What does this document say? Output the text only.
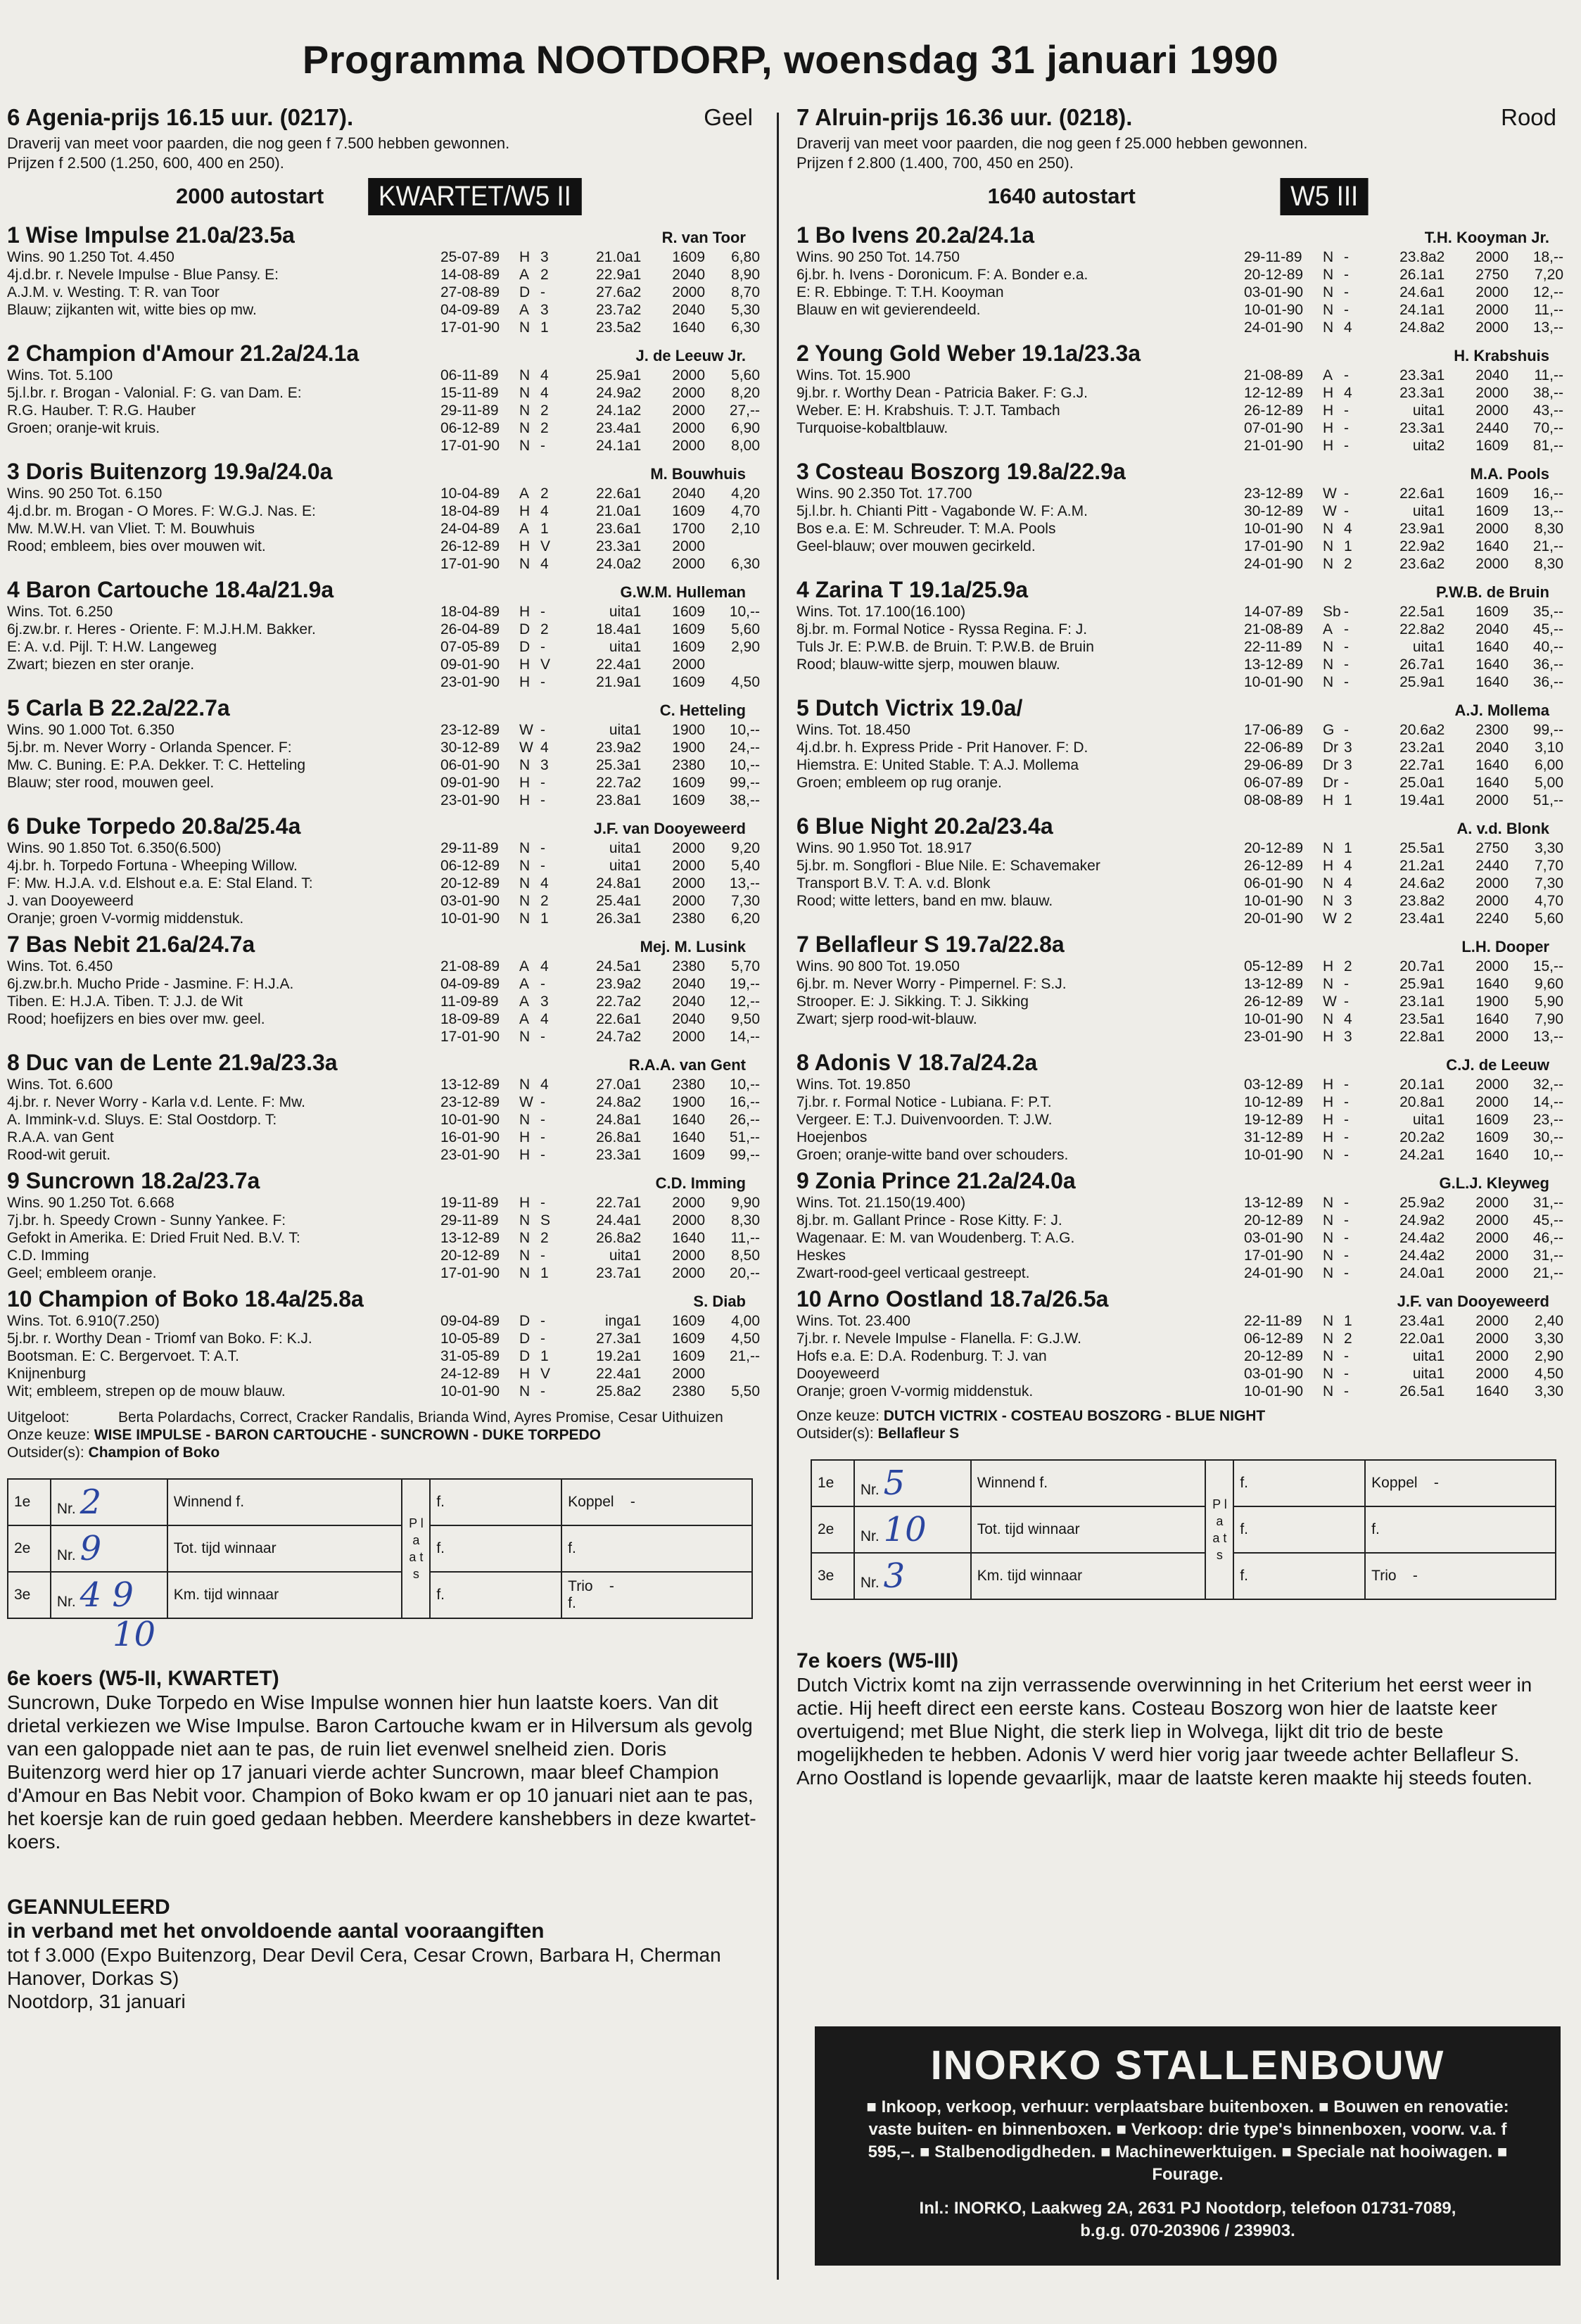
Programma NOOTDORP, woensdag 31 januari 1990
6 Agenia-prijs 16.15 uur. (0217).	Geel
Draverij van meet voor paarden, die nog geen f 7.500 hebben gewonnen.
Prijzen f 2.500 (1.250, 600, 400 en 250).
2000 autostart	KWARTET/W5 II
1 Wise Impulse 21.0a/23.5a	R. van Toor
Wins. 90 1.250 Tot. 4.450
4j.d.br. r. Nevele Impulse - Blue Pansy. E:
A.J.M. v. Westing. T: R. van Toor
Blauw; zijkanten wit, witte bies op mw.
25-07-89	H 3	21.0 a1	1609	6,80
14-08-89	A 2	22.9 a1	2040	8,90
27-08-89	D -	27.6 a2	2000	8,70
04-09-89	A 3	23.7 a2	2040	5,30
17-01-90	N 1	23.5 a2	1640	6,30
2 Champion d'Amour 21.2a/24.1a	J. de Leeuw Jr.
Wins. Tot. 5.100
5j.l.br. r. Brogan - Valonial. F: G. van Dam. E:
R.G. Hauber. T: R.G. Hauber
Groen; oranje-wit kruis.
06-11-89	N 4	25.9 a1	2000	5,60
15-11-89	N 4	24.9 a2	2000	8,20
29-11-89	N 2	24.1 a2	2000	27,--
06-12-89	N 2	23.4 a1	2000	6,90
17-01-90	N -	24.1 a1	2000	8,00
3 Doris Buitenzorg 19.9a/24.0a	M. Bouwhuis
Wins. 90 250 Tot. 6.150
4j.d.br. m. Brogan - O Mores. F: W.G.J. Nas. E:
Mw. M.W.H. van Vliet. T: M. Bouwhuis
Rood; embleem, bies over mouwen wit.
10-04-89	A 2	22.6 a1	2040	4,20
18-04-89	H 4	21.0 a1	1609	4,70
24-04-89	A 1	23.6 a1	1700	2,10
26-12-89	H V	23.3 a1	2000
17-01-90	N 4	24.0 a2	2000	6,30
4 Baron Cartouche 18.4a/21.9a	G.W.M. Hulleman
Wins. Tot. 6.250
6j.zw.br. r. Heres - Oriente. F: M.J.H.M. Bakker.
E: A. v.d. Pijl. T: H.W. Langeweg
Zwart; biezen en ster oranje.
18-04-89	H -	uit a1	1609	10,--
26-04-89	D 2	18.4 a1	1609	5,60
07-05-89	D -	uit a1	1609	2,90
09-01-90	H V	22.4 a1	2000
23-01-90	H -	21.9 a1	1609	4,50
5 Carla B 22.2a/22.7a	C. Hetteling
Wins. 90 1.000 Tot. 6.350
5j.br. m. Never Worry - Orlanda Spencer. F:
Mw. C. Buning. E: P.A. Dekker. T: C. Hetteling
Blauw; ster rood, mouwen geel.
23-12-89	W -	uit a1	1900	10,--
30-12-89	W 4	23.9 a2	1900	24,--
06-01-90	N 3	25.3 a1	2380	10,--
09-01-90	H -	22.7 a2	1609	99,--
23-01-90	H -	23.8 a1	1609	38,--
6 Duke Torpedo 20.8a/25.4a	J.F. van Dooyeweerd
Wins. 90 1.850 Tot. 6.350(6.500)
4j.br. h. Torpedo Fortuna - Wheeping Willow.
F: Mw. H.J.A. v.d. Elshout e.a. E: Stal Eland. T:
J. van Dooyeweerd
Oranje; groen V-vormig middenstuk.
29-11-89	N -	uit a1	2000	9,20
06-12-89	N -	uit a1	2000	5,40
20-12-89	N 4	24.8 a1	2000	13,--
03-01-90	N 2	25.4 a1	2000	7,30
10-01-90	N 1	26.3 a1	2380	6,20
7 Bas Nebit 21.6a/24.7a	Mej. M. Lusink
Wins. Tot. 6.450
6j.zw.br.h. Mucho Pride - Jasmine. F: H.J.A.
Tiben. E: H.J.A. Tiben. T: J.J. de Wit
Rood; hoefijzers en bies over mw. geel.
21-08-89	A 4	24.5 a1	2380	5,70
04-09-89	A -	23.9 a2	2040	19,--
11-09-89	A 3	22.7 a2	2040	12,--
18-09-89	A 4	22.6 a1	2040	9,50
17-01-90	N -	24.7 a2	2000	14,--
8 Duc van de Lente 21.9a/23.3a	R.A.A. van Gent
Wins. Tot. 6.600
4j.br. r. Never Worry - Karla v.d. Lente. F: Mw.
A. Immink-v.d. Sluys. E: Stal Oostdorp. T:
R.A.A. van Gent
Rood-wit geruit.
13-12-89	N 4	27.0 a1	2380	10,--
23-12-89	W -	24.8 a2	1900	16,--
10-01-90	N -	24.8 a1	1640	26,--
16-01-90	H -	26.8 a1	1640	51,--
23-01-90	H -	23.3 a1	1609	99,--
9 Suncrown 18.2a/23.7a	C.D. Imming
Wins. 90 1.250 Tot. 6.668
7j.br. h. Speedy Crown - Sunny Yankee. F:
Gefokt in Amerika. E: Dried Fruit Ned. B.V. T:
C.D. Imming
Geel; embleem oranje.
19-11-89	H -	22.7 a1	2000	9,90
29-11-89	N S	24.4 a1	2000	8,30
13-12-89	N 2	26.8 a2	1640	11,--
20-12-89	N -	uit a1	2000	8,50
17-01-90	N 1	23.7 a1	2000	20,--
10 Champion of Boko 18.4a/25.8a	S. Diab
Wins. Tot. 6.910(7.250)
5j.br. r. Worthy Dean - Triomf van Boko. F: K.J.
Bootsman. E: C. Bergervoet. T: A.T.
Knijnenburg
Wit; embleem, strepen op de mouw blauw.
09-04-89	D -	ing a1	1609	4,00
10-05-89	D -	27.3 a1	1609	4,50
31-05-89	D 1	19.2 a1	1609	21,--
24-12-89	H V	22.4 a1	2000
10-01-90	N -	25.8 a2	2380	5,50
Uitgeloot:	Berta Polardachs, Correct, Cracker Randalis, Brianda Wind, Ayres Promise, Cesar Uithuizen
Onze keuze: WISE IMPULSE - BARON CARTOUCHE - SUNCROWN - DUKE TORPEDO
Outsider(s): Champion of Boko
1e	Nr. 2	Winnend f.	P l a a t s	f.	Koppel -
2e	Nr. 9	Tot. tijd winnaar		f.	f.
3e	Nr. 4 9	Km. tijd winnaar		f.	Trio -
f.
10
6e koers (W5-II, KWARTET)
Suncrown, Duke Torpedo en Wise Impulse wonnen hier hun laatste koers. Van dit drietal verkiezen we Wise Impulse. Baron Cartouche kwam er in Hilversum als gevolg van een galoppade niet aan te pas, de ruin liet evenwel snelheid zien. Doris Buitenzorg werd hier op 17 januari vierde achter Suncrown, maar bleef Champion d'Amour en Bas Nebit voor. Champion of Boko kwam er op 10 januari niet aan te pas, het koersje kan de ruin goed gedaan hebben. Meerdere kanshebbers in deze kwartet-koers.
GEANNULEERD
in verband met het onvoldoende aantal vooraangiften
tot f 3.000 (Expo Buitenzorg, Dear Devil Cera, Cesar Crown, Barbara H, Cherman Hanover, Dorkas S)
Nootdorp, 31 januari
7 Alruin-prijs 16.36 uur. (0218).	Rood
Draverij van meet voor paarden, die nog geen f 25.000 hebben gewonnen.
Prijzen f 2.800 (1.400, 700, 450 en 250).
1640 autostart	W5 III
1 Bo Ivens 20.2a/24.1a	T.H. Kooyman Jr.
Wins. 90 250 Tot. 14.750
6j.br. h. Ivens - Doronicum. F: A. Bonder e.a.
E: R. Ebbinge. T: T.H. Kooyman
Blauw en wit gevierendeeld.
29-11-89	N -	23.8 a2	2000	18,--
20-12-89	N -	26.1 a1	2750	7,20
03-01-90	N -	24.6 a1	2000	12,--
10-01-90	N -	24.1 a1	2000	11,--
24-01-90	N 4	24.8 a2	2000	13,--
2 Young Gold Weber 19.1a/23.3a	H. Krabshuis
Wins. Tot. 15.900
9j.br. r. Worthy Dean - Patricia Baker. F: G.J.
Weber. E: H. Krabshuis. T: J.T. Tambach
Turquoise-kobaltblauw.
21-08-89	A -	23.3 a1	2040	11,--
12-12-89	H 4	23.3 a1	2000	38,--
26-12-89	H -	uit a1	2000	43,--
07-01-90	H -	23.3 a1	2440	70,--
21-01-90	H -	uit a2	1609	81,--
3 Costeau Boszorg 19.8a/22.9a	M.A. Pools
Wins. 90 2.350 Tot. 17.700
5j.l.br. h. Chianti Pitt - Vagabonde W. F: A.M.
Bos e.a. E: M. Schreuder. T: M.A. Pools
Geel-blauw; over mouwen gecirkeld.
23-12-89	W -	22.6 a1	1609	16,--
30-12-89	W -	uit a1	1609	13,--
10-01-90	N 4	23.9 a1	2000	8,30
17-01-90	N 1	22.9 a2	1640	21,--
24-01-90	N 2	23.6 a2	2000	8,30
4 Zarina T 19.1a/25.9a	P.W.B. de Bruin
Wins. Tot. 17.100(16.100)
8j.br. m. Formal Notice - Ryssa Regina. F: J.
Tuls Jr. E: P.W.B. de Bruin. T: P.W.B. de Bruin
Rood; blauw-witte sjerp, mouwen blauw.
14-07-89	Sb -	22.5 a1	1609	35,--
21-08-89	A -	22.8 a2	2040	45,--
22-11-89	N -	uit a1	1640	40,--
13-12-89	N -	26.7 a1	1640	36,--
10-01-90	N -	25.9 a1	1640	36,--
5 Dutch Victrix 19.0a/	A.J. Mollema
Wins. Tot. 18.450
4j.d.br. h. Express Pride - Prit Hanover. F: D.
Hiemstra. E: United Stable. T: A.J. Mollema
Groen; embleem op rug oranje.
17-06-89	G -	20.6 a2	2300	99,--
22-06-89	Dr 3	23.2 a1	2040	3,10
29-06-89	Dr 3	22.7 a1	1640	6,00
06-07-89	Dr -	25.0 a1	1640	5,00
08-08-89	H 1	19.4 a1	2000	51,--
6 Blue Night 20.2a/23.4a	A. v.d. Blonk
Wins. 90 1.950 Tot. 18.917
5j.br. m. Songflori - Blue Nile. E: Schavemaker
Transport B.V. T: A. v.d. Blonk
Rood; witte letters, band en mw. blauw.
20-12-89	N 1	25.5 a1	2750	3,30
26-12-89	H 4	21.2 a1	2440	7,70
06-01-90	N 4	24.6 a2	2000	7,30
10-01-90	N 3	23.8 a2	2000	4,70
20-01-90	W 2	23.4 a1	2240	5,60
7 Bellafleur S 19.7a/22.8a	L.H. Dooper
Wins. 90 800 Tot. 19.050
6j.br. m. Never Worry - Pimpernel. F: S.J.
Strooper. E: J. Sikking. T: J. Sikking
Zwart; sjerp rood-wit-blauw.
05-12-89	H 2	20.7 a1	2000	15,--
13-12-89	N -	25.9 a1	1640	9,60
26-12-89	W -	23.1 a1	1900	5,90
10-01-90	N 4	23.5 a1	1640	7,90
23-01-90	H 3	22.8 a1	2000	13,--
8 Adonis V 18.7a/24.2a	C.J. de Leeuw
Wins. Tot. 19.850
7j.br. r. Formal Notice - Lubiana. F: P.T.
Vergeer. E: T.J. Duivenvoorden. T: J.W.
Hoejenbos
Groen; oranje-witte band over schouders.
03-12-89	H -	20.1 a1	2000	32,--
10-12-89	H -	20.8 a1	2000	14,--
19-12-89	H -	uit a1	1609	23,--
31-12-89	H -	20.2 a2	1609	30,--
10-01-90	N -	24.2 a1	1640	10,--
9 Zonia Prince 21.2a/24.0a	G.L.J. Kleyweg
Wins. Tot. 21.150(19.400)
8j.br. m. Gallant Prince - Rose Kitty. F: J.
Wagenaar. E: M. van Woudenberg. T: A.G.
Heskes
Zwart-rood-geel verticaal gestreept.
13-12-89	N -	25.9 a2	2000	31,--
20-12-89	N -	24.9 a2	2000	45,--
03-01-90	N -	24.4 a2	2000	46,--
17-01-90	N -	24.4 a2	2000	31,--
24-01-90	N -	24.0 a1	2000	21,--
10 Arno Oostland 18.7a/26.5a	J.F. van Dooyeweerd
Wins. Tot. 23.400
7j.br. r. Nevele Impulse - Flanella. F: G.J.W.
Hofs e.a. E: D.A. Rodenburg. T: J. van
Dooyeweerd
Oranje; groen V-vormig middenstuk.
22-11-89	N 1	23.4 a1	2000	2,40
06-12-89	N 2	22.0 a1	2000	3,30
20-12-89	N -	uit a1	2000	2,90
03-01-90	N -	uit a1	2000	4,50
10-01-90	N -	26.5 a1	1640	3,30
Onze keuze: DUTCH VICTRIX - COSTEAU BOSZORG - BLUE NIGHT
Outsider(s): Bellafleur S
1e	Nr. 5	Winnend f.	P l a a t s	f.	Koppel -
2e	Nr. 10	Tot. tijd winnaar		f.	f.
3e	Nr. 3	Km. tijd winnaar		f.	Trio -
7e koers (W5-III)
Dutch Victrix komt na zijn verrassende overwinning in het Criterium het eerst weer in actie. Hij heeft direct een eerste kans. Costeau Boszorg won hier de laatste keer overtuigend; met Blue Night, die sterk liep in Wolvega, lijkt dit trio de beste mogelijkheden te hebben. Adonis V werd hier vorig jaar tweede achter Bellafleur S. Arno Oostland is lopende gevaarlijk, maar de laatste keren maakte hij steeds fouten.
INORKO STALLENBOUW
■ Inkoop, verkoop, verhuur: verplaatsbare buitenboxen. ■ Bouwen en renovatie: vaste buiten- en binnenboxen. ■ Verkoop: drie type's binnenboxen, voorw. v.a. f 595,–. ■ Stalbenodigdheden. ■ Machinewerktuigen. ■ Speciale nat hooiwagen. ■ Fourage.
Inl.: INORKO, Laakweg 2A, 2631 PJ Nootdorp, telefoon 01731-7089,
b.g.g. 070-203906 / 239903.
